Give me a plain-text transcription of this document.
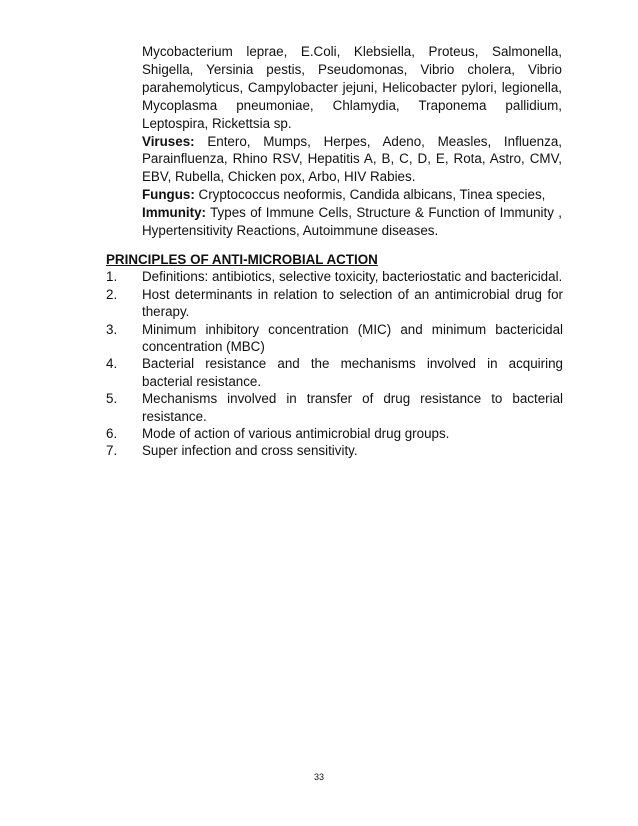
Mycobacterium leprae, E.Coli, Klebsiella, Proteus, Salmonella, Shigella, Yersinia pestis, Pseudomonas, Vibrio cholera, Vibrio parahemolyticus, Campylobacter jejuni, Helicobacter pylori, legionella, Mycoplasma pneumoniae, Chlamydia, Traponema pallidium, Leptospira, Rickettsia sp.

Viruses: Entero, Mumps, Herpes, Adeno, Measles, Influenza, Parainfluenza, Rhino RSV, Hepatitis A, B, C, D, E, Rota, Astro, CMV, EBV, Rubella, Chicken pox, Arbo, HIV Rabies.

Fungus: Cryptococcus neoformis, Candida albicans, Tinea species,

Immunity: Types of Immune Cells, Structure & Function of Immunity , Hypertensitivity Reactions, Autoimmune diseases.

PRINCIPLES OF ANTI-MICROBIAL ACTION

1.	Definitions: antibiotics, selective toxicity, bacteriostatic and bactericidal.
2.	Host determinants in relation to selection of an antimicrobial drug for therapy.
3.	Minimum inhibitory concentration (MIC) and minimum bactericidal concentration (MBC)
4.	Bacterial resistance and the mechanisms involved in acquiring bacterial resistance.
5.	Mechanisms involved in transfer of drug resistance to bacterial resistance.
6.	Mode of action of various antimicrobial drug groups.
7.	Super infection and cross sensitivity.
33
